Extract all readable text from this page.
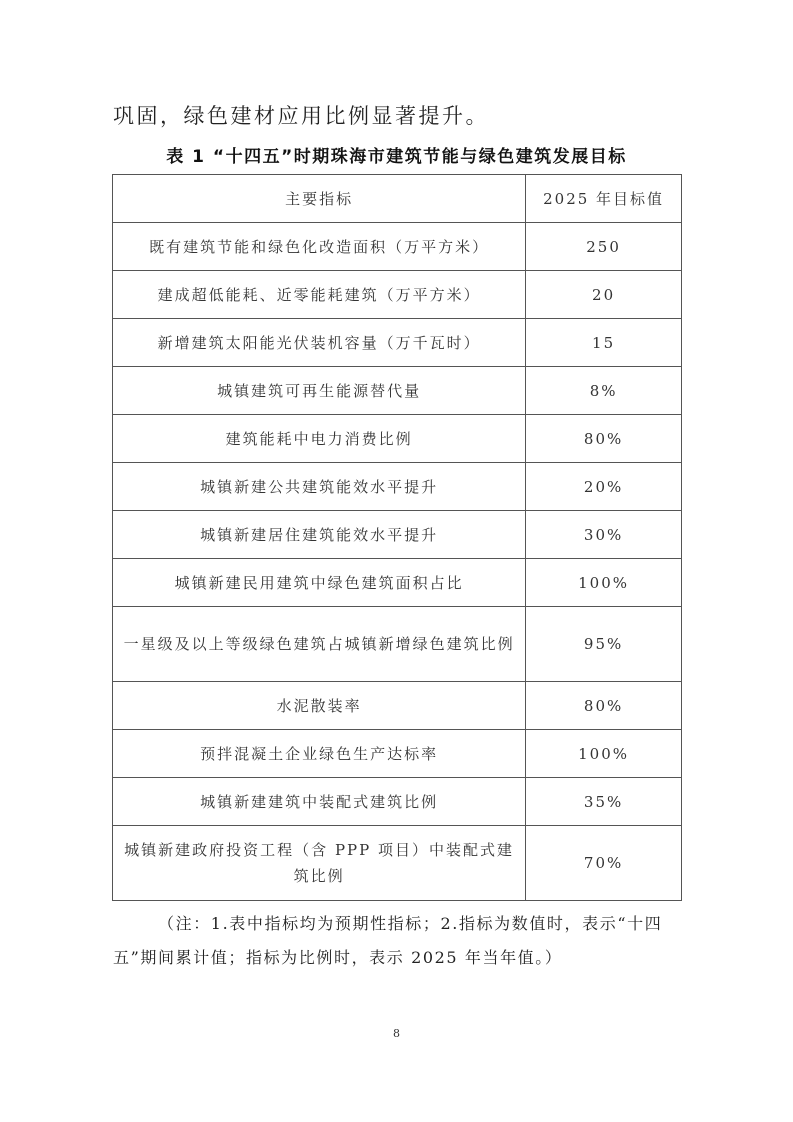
巩固，绿色建材应用比例显著提升。
表 1 “十四五”时期珠海市建筑节能与绿色建筑发展目标
主要指标	2025 年目标值
既有建筑节能和绿色化改造面积（万平方米）	250
建成超低能耗、近零能耗建筑（万平方米）	20
新增建筑太阳能光伏装机容量（万千瓦时）	15
城镇建筑可再生能源替代量	8%
建筑能耗中电力消费比例	80%
城镇新建公共建筑能效水平提升	20%
城镇新建居住建筑能效水平提升	30%
城镇新建民用建筑中绿色建筑面积占比	100%
一星级及以上等级绿色建筑占城镇新增绿色建筑比例	95%
水泥散装率	80%
预拌混凝土企业绿色生产达标率	100%
城镇新建建筑中装配式建筑比例	35%
城镇新建政府投资工程（含 PPP 项目）中装配式建筑比例	70%
（注：1.表中指标均为预期性指标；2.指标为数值时，表示“十四五”期间累计值；指标为比例时，表示 2025 年当年值。）
8
